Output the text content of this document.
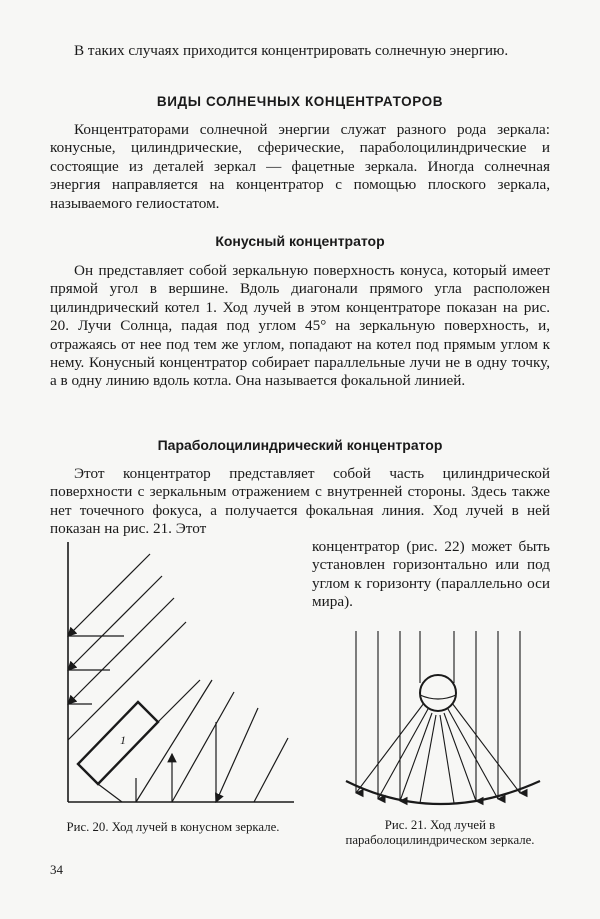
В таких случаях приходится концентрировать солнечную энергию.

ВИДЫ СОЛНЕЧНЫХ КОНЦЕНТРАТОРОВ

Концентраторами солнечной энергии служат разного рода зеркала: конусные, цилиндрические, сферические, параболоцилиндрические и состоящие из деталей зеркал — фацетные зеркала. Иногда солнечная энергия направляется на концентратор с помощью плоского зеркала, называемого гелиостатом.

Конусный концентратор

Он представляет собой зеркальную поверхность конуса, который имеет прямой угол в вершине. Вдоль диагонали прямого угла расположен цилиндрический котел 1. Ход лучей в этом концентраторе показан на рис. 20. Лучи Солнца, падая под углом 45° на зеркальную поверхность, и, отражаясь от нее под тем же углом, попадают на котел под прямым углом к нему. Конусный концентратор собирает параллельные лучи не в одну точку, а в одну линию вдоль котла. Она называется фокальной линией.

Параболоцилиндрический концентратор

Этот концентратор представляет собой часть цилиндрической поверхности с зеркальным отражением с внутренней стороны. Здесь также нет точечного фокуса, а получается фокальная линия. Ход лучей в ней показан на рис. 21. Этот

концентратор (рис. 22) может быть установлен горизонтально или под углом к горизонту (параллельно оси мира).

1

Рис. 20. Ход лучей в конусном зеркале.	Рис. 21. Ход лучей в параболоцилиндрическом зеркале.

34
